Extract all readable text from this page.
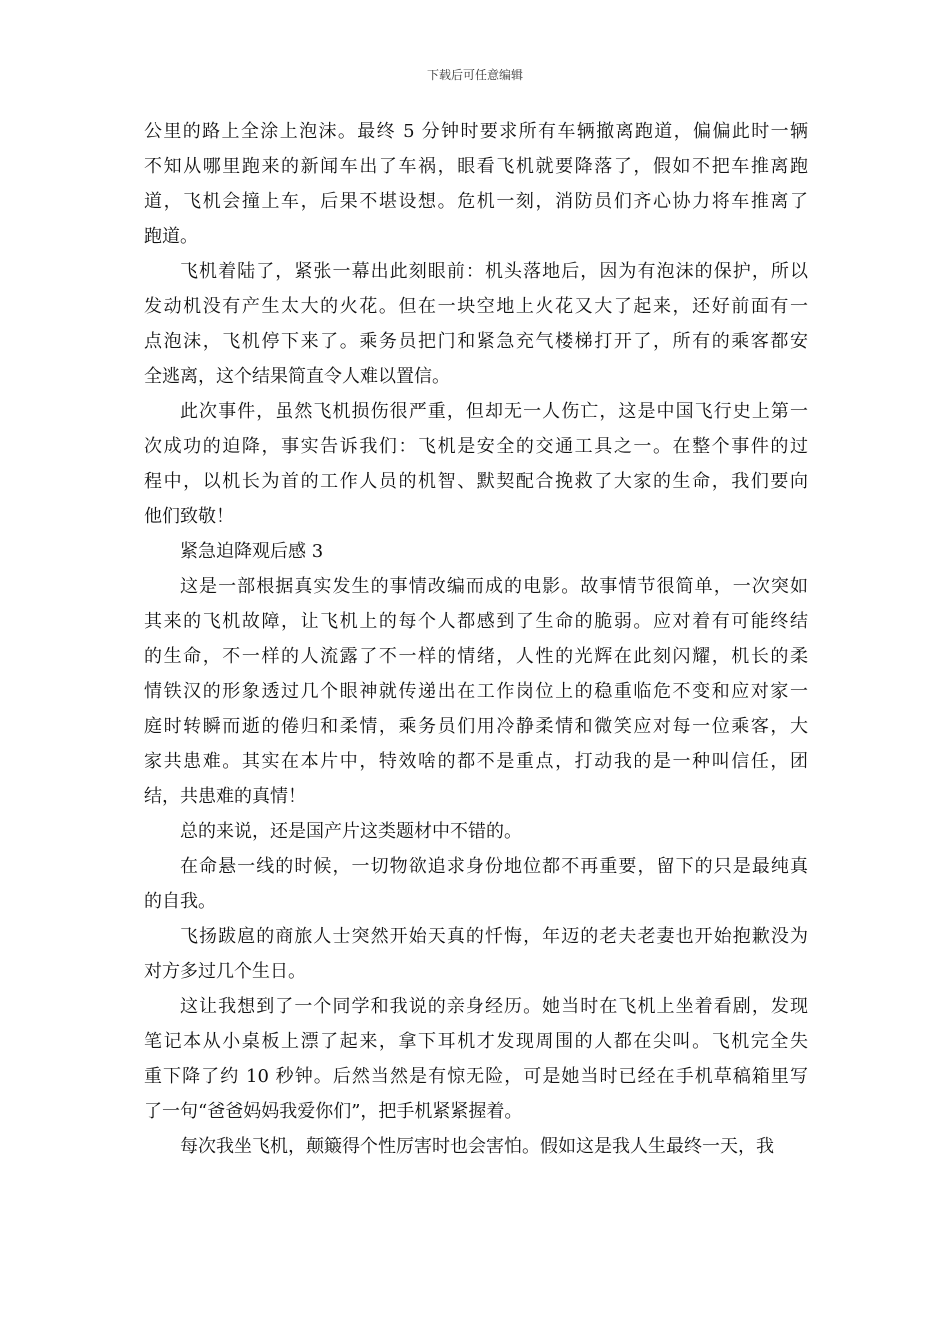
下载后可任意编辑
公里的路上全涂上泡沫。最终 5 分钟时要求所有车辆撤离跑道，偏偏此时一辆
不知从哪里跑来的新闻车出了车祸，眼看飞机就要降落了，假如不把车推离跑
道，飞机会撞上车，后果不堪设想。危机一刻，消防员们齐心协力将车推离了
跑道。
飞机着陆了，紧张一幕出此刻眼前：机头落地后，因为有泡沫的保护，所以
发动机没有产生太大的火花。但在一块空地上火花又大了起来，还好前面有一
点泡沫，飞机停下来了。乘务员把门和紧急充气楼梯打开了，所有的乘客都安
全逃离，这个结果简直令人难以置信。
此次事件，虽然飞机损伤很严重，但却无一人伤亡，这是中国飞行史上第一
次成功的迫降，事实告诉我们：飞机是安全的交通工具之一。在整个事件的过
程中，以机长为首的工作人员的机智、默契配合挽救了大家的生命，我们要向
他们致敬！
紧急迫降观后感 3
这是一部根据真实发生的事情改编而成的电影。故事情节很简单，一次突如
其来的飞机故障，让飞机上的每个人都感到了生命的脆弱。应对着有可能终结
的生命，不一样的人流露了不一样的情绪，人性的光辉在此刻闪耀，机长的柔
情铁汉的形象透过几个眼神就传递出在工作岗位上的稳重临危不变和应对家一
庭时转瞬而逝的倦归和柔情，乘务员们用冷静柔情和微笑应对每一位乘客，大
家共患难。其实在本片中，特效啥的都不是重点，打动我的是一种叫信任，团
结，共患难的真情！
总的来说，还是国产片这类题材中不错的。
在命悬一线的时候，一切物欲追求身份地位都不再重要，留下的只是最纯真
的自我。
飞扬跋扈的商旅人士突然开始天真的忏悔，年迈的老夫老妻也开始抱歉没为
对方多过几个生日。
这让我想到了一个同学和我说的亲身经历。她当时在飞机上坐着看剧，发现
笔记本从小桌板上漂了起来，拿下耳机才发现周围的人都在尖叫。飞机完全失
重下降了约 10 秒钟。后然当然是有惊无险，可是她当时已经在手机草稿箱里写
了一句“爸爸妈妈我爱你们”，把手机紧紧握着。
每次我坐飞机，颠簸得个性厉害时也会害怕。假如这是我人生最终一天，我
